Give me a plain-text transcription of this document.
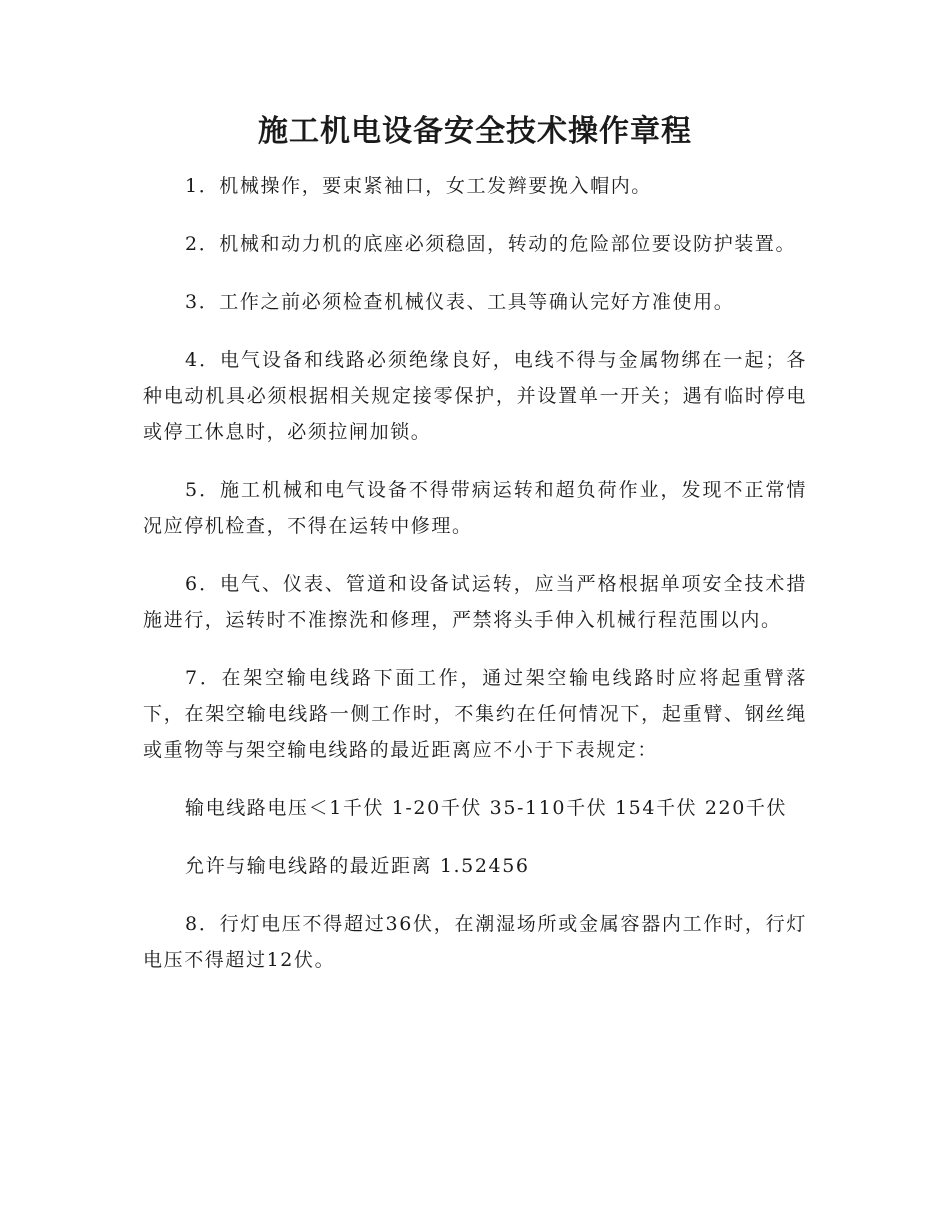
施工机电设备安全技术操作章程

1．机械操作，要束紧袖口，女工发辫要挽入帽内。

2．机械和动力机的底座必须稳固，转动的危险部位要设防护装置。

3．工作之前必须检查机械仪表、工具等确认完好方准使用。

4．电气设备和线路必须绝缘良好，电线不得与金属物绑在一起；各种电动机具必须根据相关规定接零保护，并设置单一开关；遇有临时停电或停工休息时，必须拉闸加锁。

5．施工机械和电气设备不得带病运转和超负荷作业，发现不正常情况应停机检查，不得在运转中修理。

6．电气、仪表、管道和设备试运转，应当严格根据单项安全技术措施进行，运转时不准擦洗和修理，严禁将头手伸入机械行程范围以内。

7．在架空输电线路下面工作，通过架空输电线路时应将起重臂落下，在架空输电线路一侧工作时，不集约在任何情况下，起重臂、钢丝绳或重物等与架空输电线路的最近距离应不小于下表规定：

输电线路电压＜1千伏 1-20千伏 35-110千伏 154千伏 220千伏

允许与输电线路的最近距离 1.52456

8．行灯电压不得超过36伏，在潮湿场所或金属容器内工作时，行灯电压不得超过12伏。
